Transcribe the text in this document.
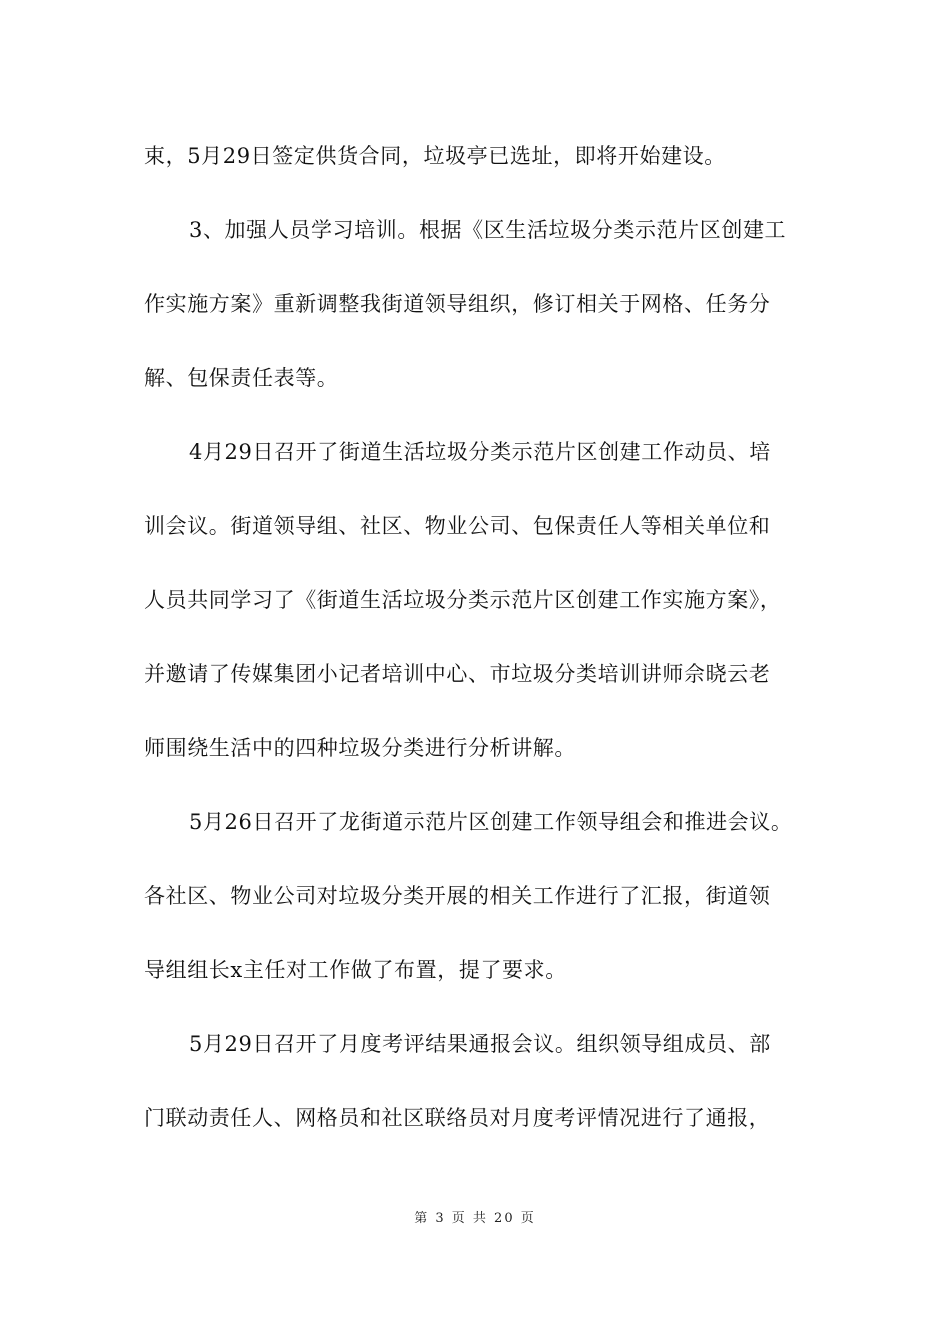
束，5月29日签定供货合同，垃圾亭已选址，即将开始建设。
3、加强人员学习培训。根据《区生活垃圾分类示范片区创建工
作实施方案》重新调整我街道领导组织，修订相关于网格、任务分
解、包保责任表等。
4月29日召开了街道生活垃圾分类示范片区创建工作动员、培
训会议。街道领导组、社区、物业公司、包保责任人等相关单位和
人员共同学习了《街道生活垃圾分类示范片区创建工作实施方案》，
并邀请了传媒集团小记者培训中心、市垃圾分类培训讲师佘晓云老
师围绕生活中的四种垃圾分类进行分析讲解。
5月26日召开了龙街道示范片区创建工作领导组会和推进会议。
各社区、物业公司对垃圾分类开展的相关工作进行了汇报，街道领
导组组长x主任对工作做了布置，提了要求。
5月29日召开了月度考评结果通报会议。组织领导组成员、部
门联动责任人、网格员和社区联络员对月度考评情况进行了通报，
第 3 页 共 20 页
